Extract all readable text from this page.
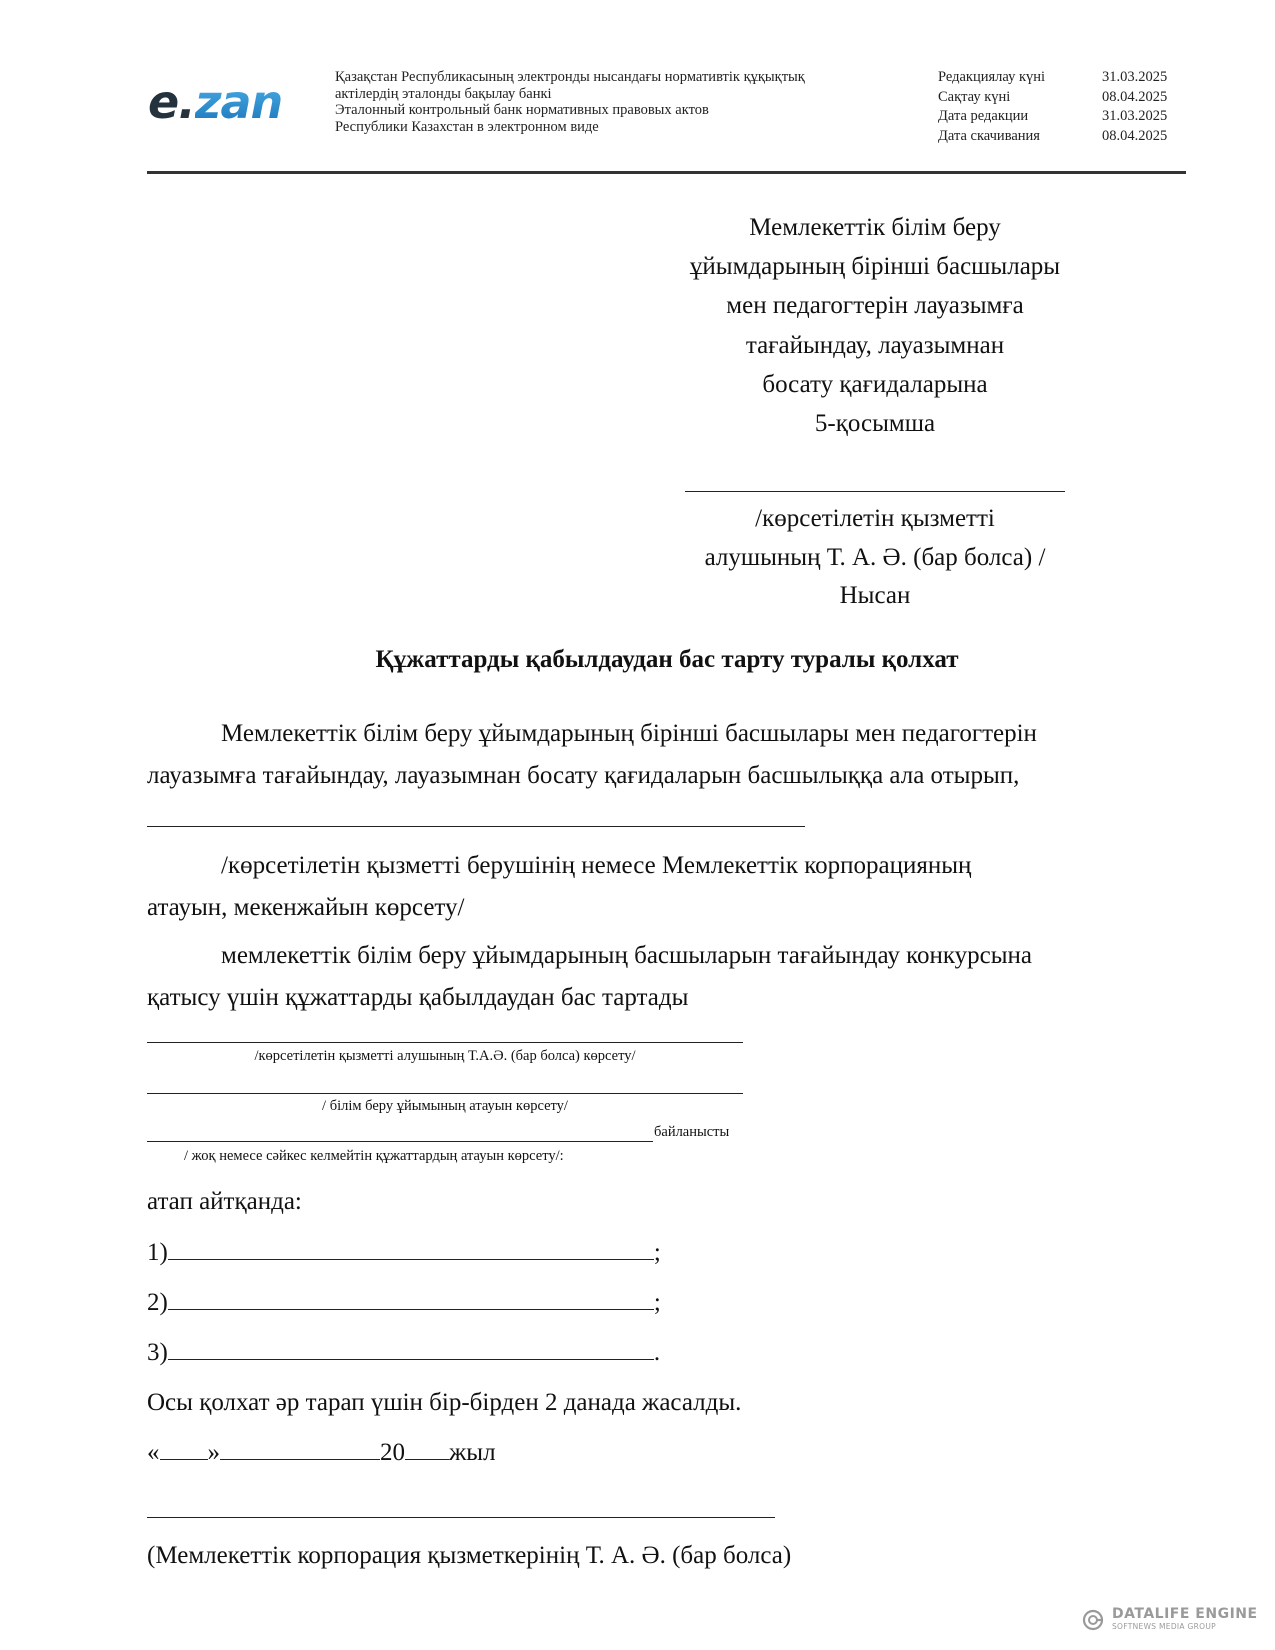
e.zan	Қазақстан Республикасының электронды нысандағы нормативтік құқықтық
актілердің эталонды бақылау банкі
Эталонный контрольный банк нормативных правовых актов
Республики Казахстан в электронном виде
Редакциялау күні	31.03.2025
Сақтау күні	08.04.2025
Дата редакции	31.03.2025
Дата скачивания	08.04.2025
Мемлекеттік білім беру
ұйымдарының бірінші басшылары
мен педагогтерін лауазымға
тағайындау, лауазымнан
босату қағидаларына
5-қосымша
/көрсетілетін қызметті
алушының Т. А. Ә. (бар болса) /
Нысан
Құжаттарды қабылдаудан бас тарту туралы қолхат
Мемлекеттік білім беру ұйымдарының бірінші басшылары мен педагогтерін
лауазымға тағайындау, лауазымнан босату қағидаларын басшылыққа ала отырып,
/көрсетілетін қызметті берушінің немесе Мемлекеттік корпорацияның
атауын, мекенжайын көрсету/
мемлекеттік білім беру ұйымдарының басшыларын тағайындау конкурсына
қатысу үшін құжаттарды қабылдаудан бас тартады
/көрсетілетін қызметті алушының Т.А.Ә. (бар болса) көрсету/
/ білім беру ұйымының атауын көрсету/
байланысты
/ жоқ немесе сәйкес келмейтін құжаттардың атауын көрсету/:
атап айтқанда:
1)	;
2)	;
3)	.
Осы қолхат әр тарап үшін бір-бірден 2 данада жасалды.
« »	20 жыл
(Мемлекеттік корпорация қызметкерінің Т. А. Ә. (бар болса)
DATALIFE ENGINE
SOFTNEWS MEDIA GROUP
